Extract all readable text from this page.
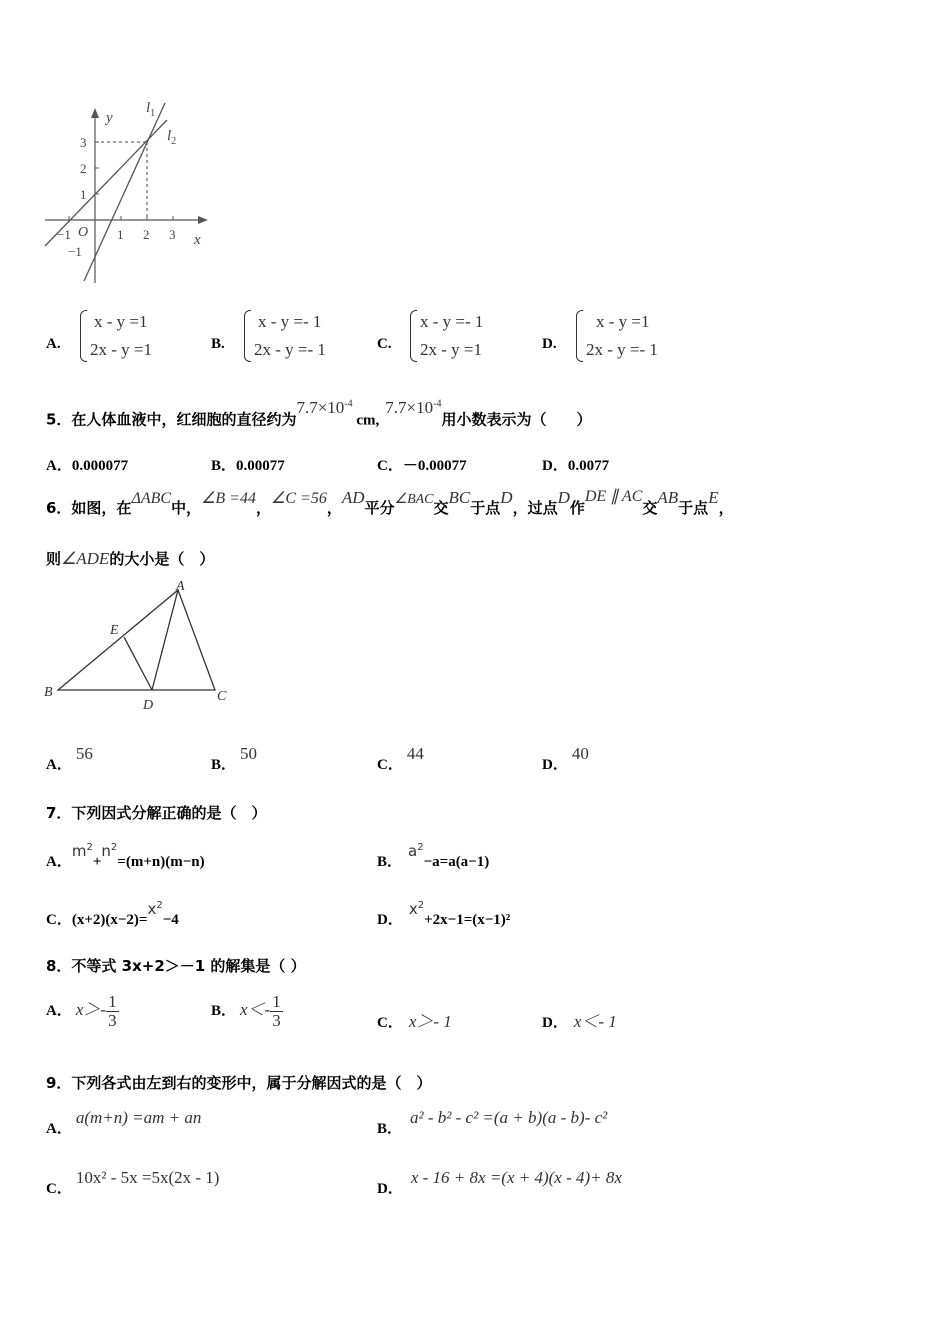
y
x
O
$l_1$
$l_2$
3
2
1
−1
−1	1 2 3
A.
x - y =1
2x - y =1	B.
x - y =- 1
2x - y =- 1	C.
x - y =- 1
2x - y =1	D.
x - y =1
2x - y =- 1
5．在人体血液中，红细胞的直径约为$7.7\times 10^{-4}$ $cm,7.7\times 10^{-4}$用小数表示为（　　）
A．0.000077	B．0.00077	C．－0.00077	D．0.0077
6．如图，在ΔABC中，∠B =44，∠C =56，AD平分∠BAC交BC于点D，过点D作DE ∥ AC交AB于点E，
则∠ADE的大小是（　）
A
B	C
D
E
A．56
B．50
C．44
D．40
7．下列因式分解正确的是（　）
A．$m^2+n^2=(m+n)(m-n)$	B．$a^2-a=a(a-1)$
C．$(x+2)(x-2)=x^2-4$	D．$x^2+2x-1=(x-1)^2$
8．不等式 3x+2＞－1 的解集是（ ）
A． $x>- \frac{1}{3}$	B． $x<- \frac{1}{3}$	C． x＞- 1	D． x＜- 1
9．下列各式由左到右的变形中，属于分解因式的是（　）
A．a(m+n) =am + an
B．a² - b² - c² =(a + b)(a - b)- c²
C．10x² - 5x =5x(2x - 1)
D．x - 16 + 8x =(x + 4)(x - 4)+ 8x
